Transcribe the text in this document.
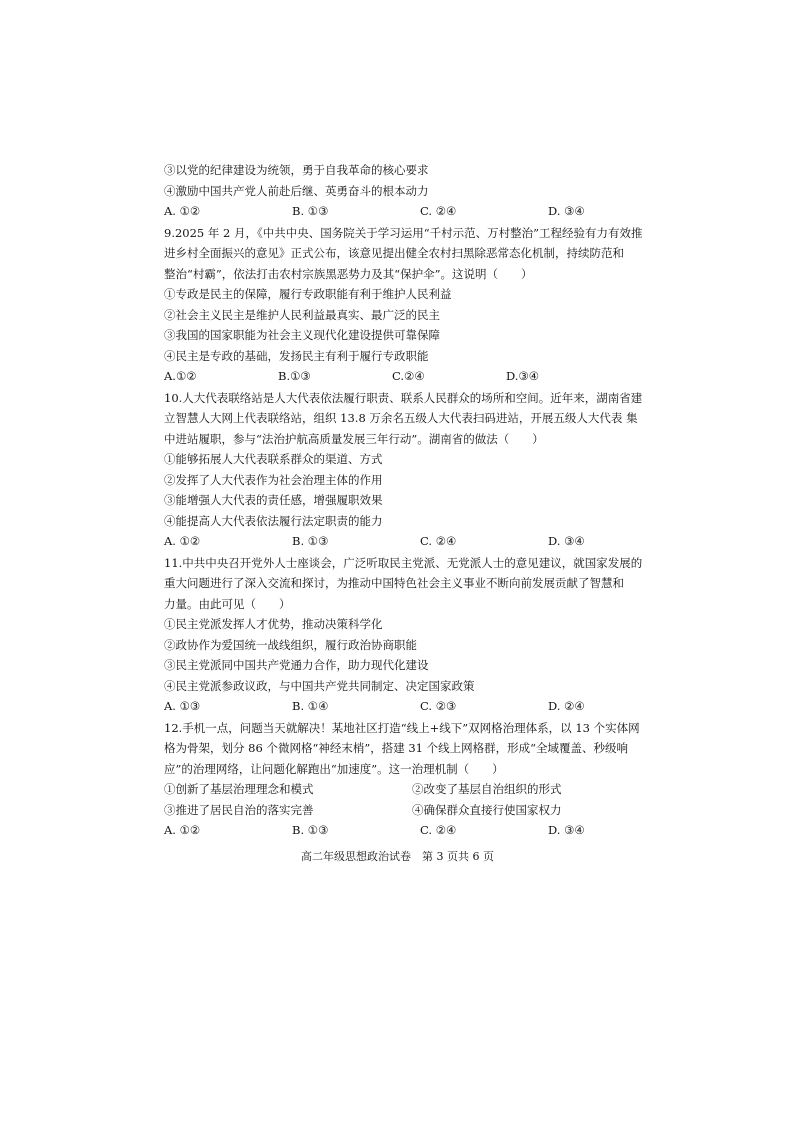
③以党的纪律建设为统领，勇于自我革命的核心要求
④激励中国共产党人前赴后继、英勇奋斗的根本动力
A. ①②	B. ①③	C. ②④	D. ③④
9.2025 年 2 月，《中共中央、国务院关于学习运用“千村示范、万村整治”工程经验有力有效推
进乡村全面振兴的意见》正式公布，该意见提出健全农村扫黑除恶常态化机制，持续防范和
整治“村霸”，依法打击农村宗族黑恶势力及其“保护伞”。这说明（　　）
①专政是民主的保障，履行专政职能有利于维护人民利益
②社会主义民主是维护人民利益最真实、最广泛的民主
③我国的国家职能为社会主义现代化建设提供可靠保障
④民主是专政的基础，发扬民主有利于履行专政职能
A.①②	B.①③	C.②④	D.③④
10.人大代表联络站是人大代表依法履行职责、联系人民群众的场所和空间。近年来，湖南省建
立智慧人大网上代表联络站，组织 13.8 万余名五级人大代表扫码进站，开展五级人大代表 集
中进站履职，参与“法治护航高质量发展三年行动”。湖南省的做法（　　）
①能够拓展人大代表联系群众的渠道、方式
②发挥了人大代表作为社会治理主体的作用
③能增强人大代表的责任感，增强履职效果
④能提高人大代表依法履行法定职责的能力
A. ①②	B. ①③	C. ②④	D. ③④
11.中共中央召开党外人士座谈会，广泛听取民主党派、无党派人士的意见建议，就国家发展的
重大问题进行了深入交流和探讨，为推动中国特色社会主义事业不断向前发展贡献了智慧和
力量。由此可见（　　）
①民主党派发挥人才优势，推动决策科学化
②政协作为爱国统一战线组织，履行政治协商职能
③民主党派同中国共产党通力合作，助力现代化建设
④民主党派参政议政，与中国共产党共同制定、决定国家政策
A. ①③	B. ①④	C. ②③	D. ②④
12.手机一点，问题当天就解决！某地社区打造“线上+线下”双网格治理体系，以 13 个实体网
格为骨架，划分 86 个微网格“神经末梢”，搭建 31 个线上网格群，形成“全域覆盖、秒级响
应”的治理网络，让问题化解跑出“加速度”。这一治理机制（　　）
①创新了基层治理理念和模式	②改变了基层自治组织的形式
③推进了居民自治的落实完善	④确保群众直接行使国家权力
A. ①②	B. ①③	C. ②④	D. ③④
高二年级思想政治试卷　第 3 页共 6 页
